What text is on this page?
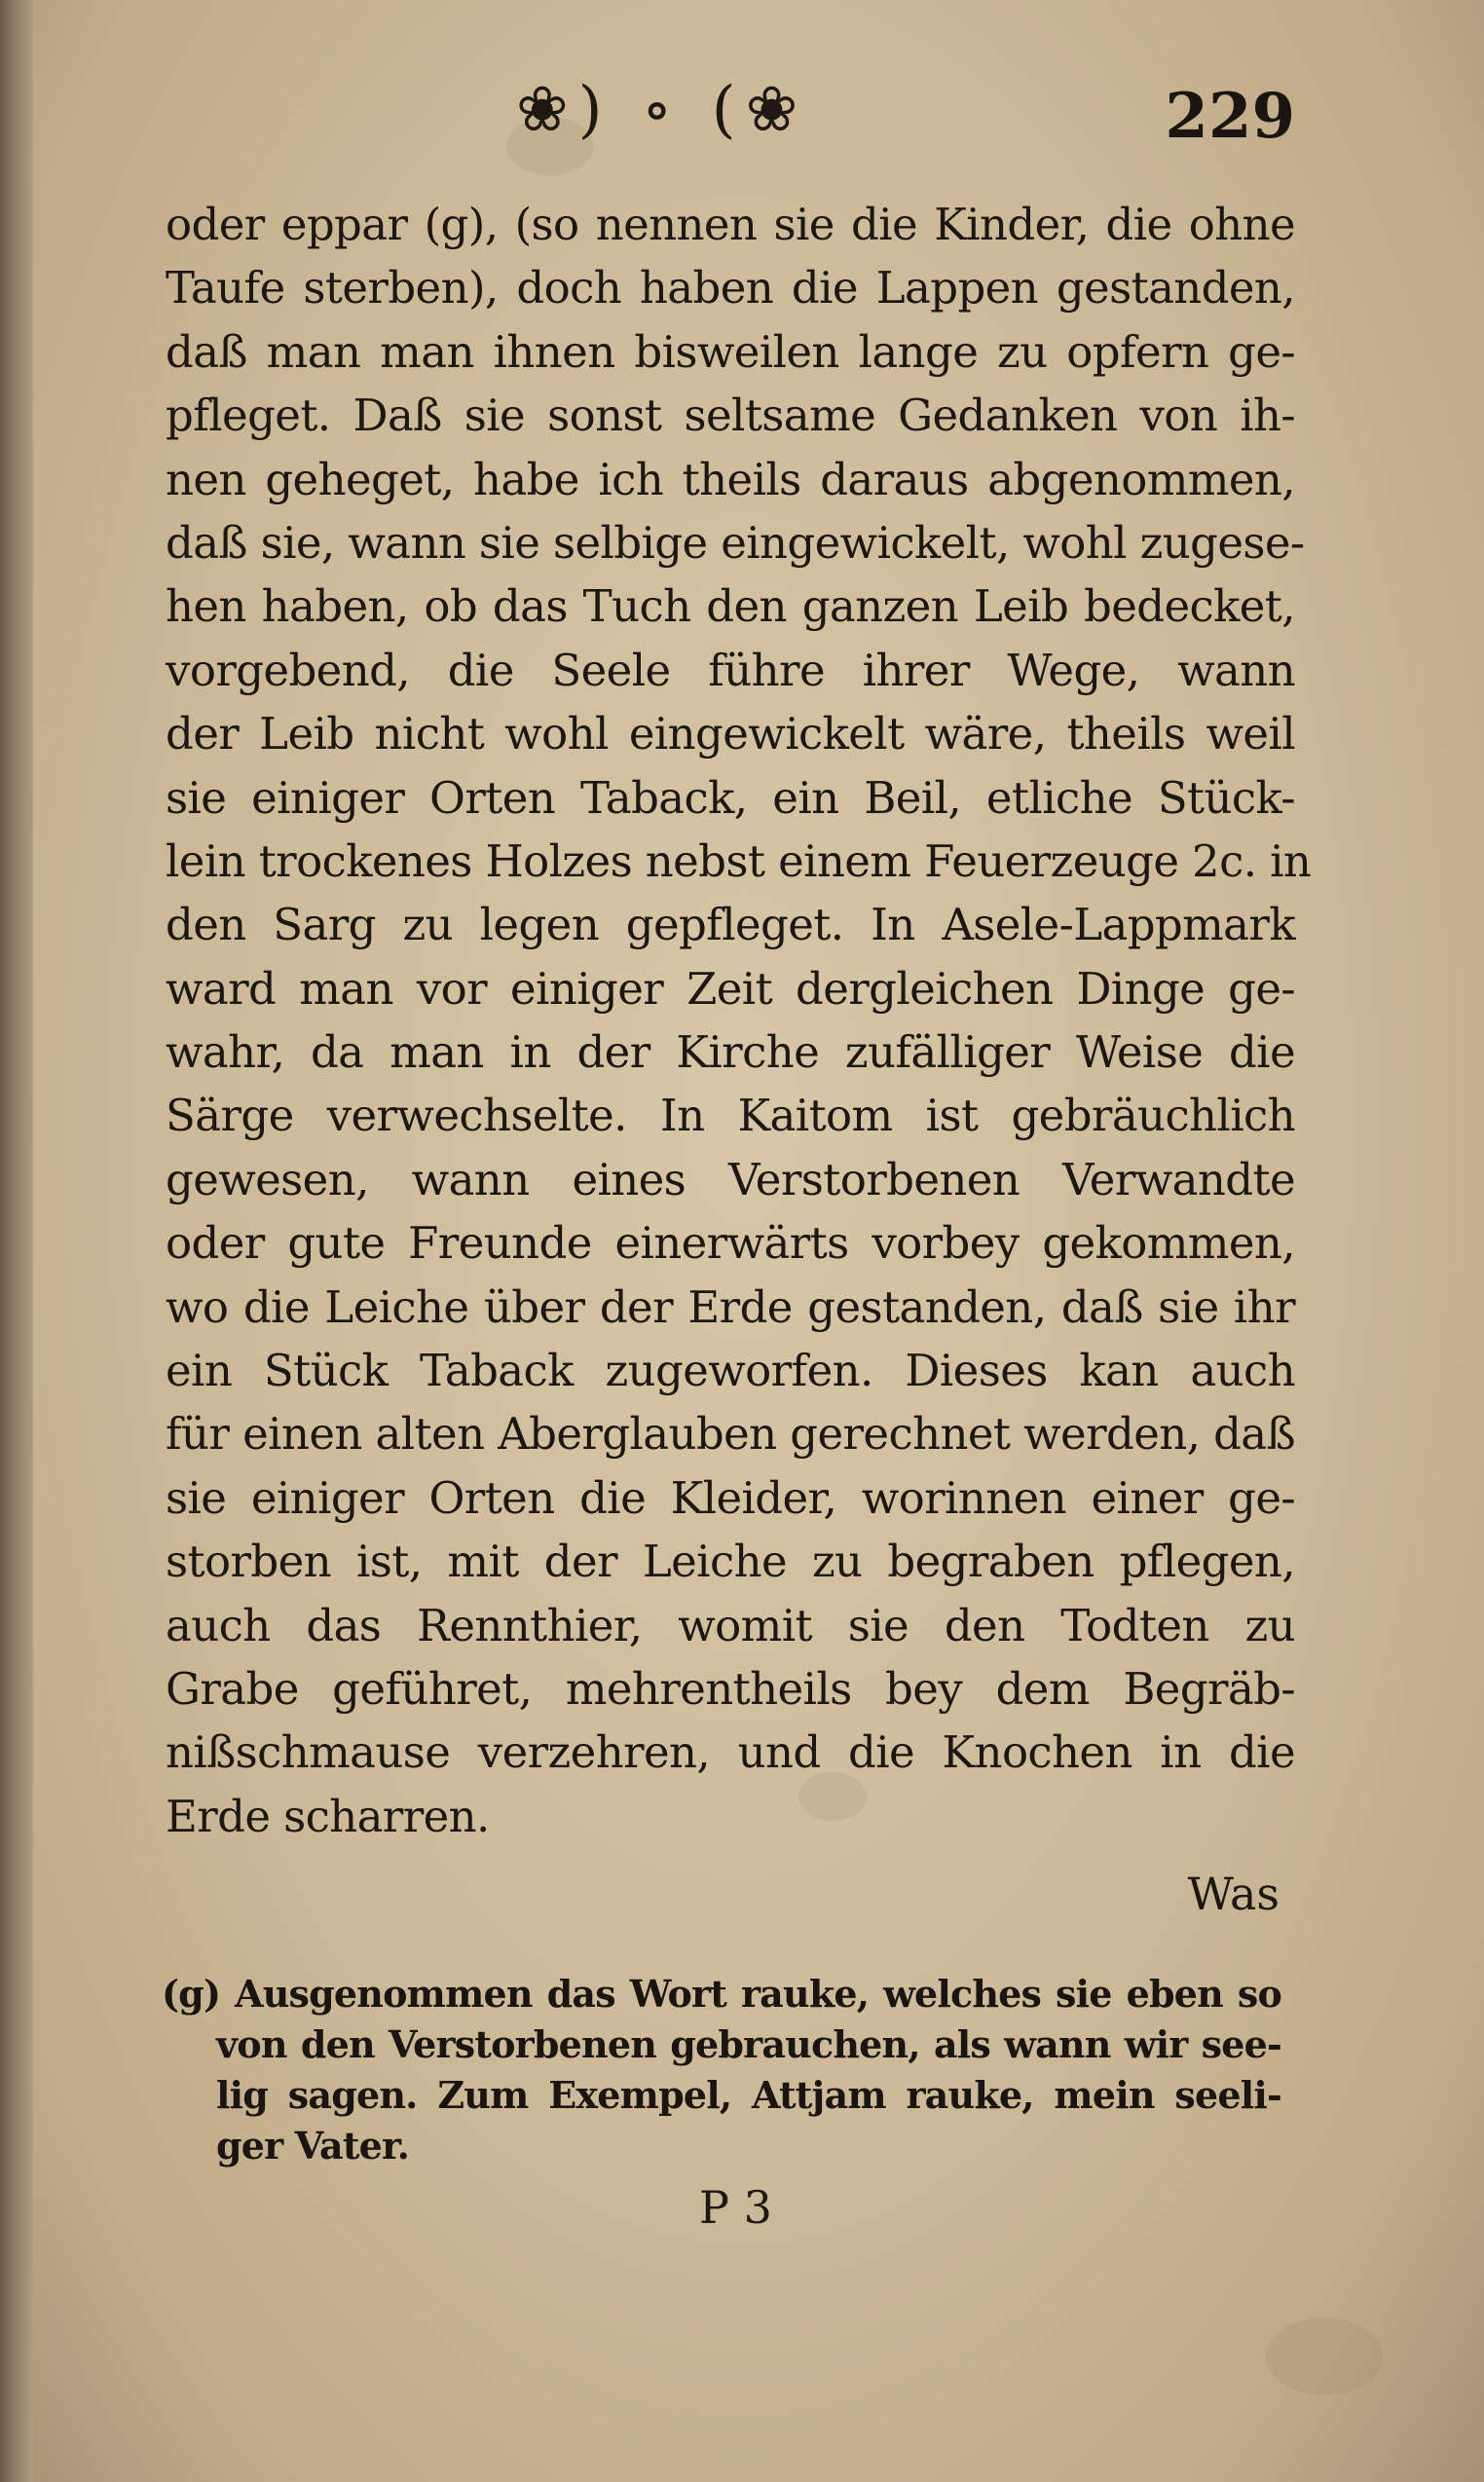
❀) ∘ (❀	229
oder eppar (g), (so nennen sie die Kinder, die ohne
Taufe sterben), doch haben die Lappen gestanden,
daß man man ihnen bisweilen lange zu opfern ge-
pfleget. Daß sie sonst seltsame Gedanken von ih-
nen geheget, habe ich theils daraus abgenommen,
daß sie, wann sie selbige eingewickelt, wohl zugese-
hen haben, ob das Tuch den ganzen Leib bedecket,
vorgebend, die Seele führe ihrer Wege, wann
der Leib nicht wohl eingewickelt wäre, theils weil
sie einiger Orten Taback, ein Beil, etliche Stück-
lein trockenes Holzes nebst einem Feuerzeuge 2c. in
den Sarg zu legen gepfleget. In Asele-Lappmark
ward man vor einiger Zeit dergleichen Dinge ge-
wahr, da man in der Kirche zufälliger Weise die
Särge verwechselte. In Kaitom ist gebräuchlich
gewesen, wann eines Verstorbenen Verwandte
oder gute Freunde einerwärts vorbey gekommen,
wo die Leiche über der Erde gestanden, daß sie ihr
ein Stück Taback zugeworfen. Dieses kan auch
für einen alten Aberglauben gerechnet werden, daß
sie einiger Orten die Kleider, worinnen einer ge-
storben ist, mit der Leiche zu begraben pflegen,
auch das Rennthier, womit sie den Todten zu
Grabe geführet, mehrentheils bey dem Begräb-
nißschmause verzehren, und die Knochen in die
Erde scharren.
Was
(g) Ausgenommen das Wort rauke, welches sie eben so
von den Verstorbenen gebrauchen, als wann wir see-
lig sagen. Zum Exempel, Attjam rauke, mein seeli-
ger Vater.
P 3
